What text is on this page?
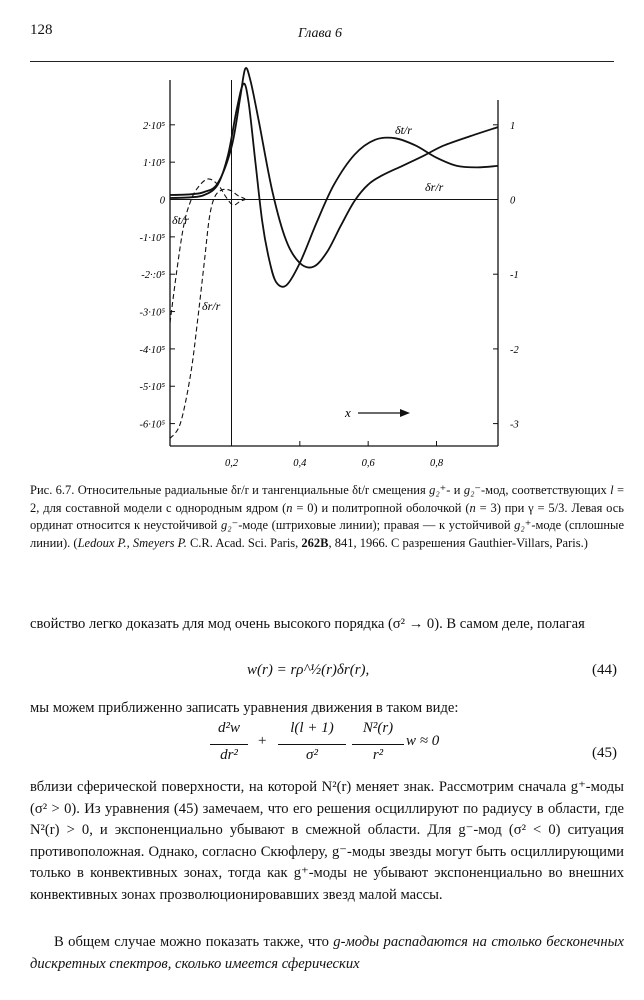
128	Глава 6
2·10⁵
1·10⁵
0
-1·10⁵
-2·:0⁵
-3·10⁵
-4·10⁵
-5·10⁵
-6·10⁵
1
0
-1
-2
-3
0,2	0,4	0,6	0,8
δt/r
δr/r
δt/r
δr/r
x
Рис. 6.7. Относительные радиальные δr/r и тангенциальные δt/r смещения g₂⁺- и g₂⁻-мод, соответствующих l = 2, для составной модели с однородным ядром (n = 0) и политропной оболочкой (n = 3) при γ = 5/3. Левая ось ординат относится к неустойчивой g₂⁻-моде (штриховые линии); правая — к устойчивой g₂⁺-моде (сплошные линии). (Ledoux P., Smeyers P. C.R. Acad. Sci. Paris, 262B, 841, 1966. С разрешения Gauthier-Villars, Paris.)
свойство легко доказать для мод очень высокого порядка (σ² → 0). В самом деле, полагая
w(r) = rρ^½(r)δr(r),	(44)
мы можем приближенно записать уравнения движения в таком виде:
d²w
dr²
+
l(l + 1)
σ²
N²(r)
r²
w ≈ 0
(45)
вблизи сферической поверхности, на которой N²(r) меняет знак. Рассмотрим сначала g⁺-моды (σ² > 0). Из уравнения (45) замечаем, что его решения осциллируют по радиусу в области, где N²(r) > 0, и экспоненциально убывают в смежной области. Для g⁻-мод (σ² < 0) ситуация противоположная. Однако, согласно Скюфлеру, g⁻-моды звезды могут быть осциллирующими только в конвективных зонах, тогда как g⁺-моды не убывают экспоненциально во внешних конвективных зонах прозволюционировавших звезд малой массы.
В общем случае можно показать также, что g-моды распадаются на столько бесконечных дискретных спектров, сколько имеется сферических
